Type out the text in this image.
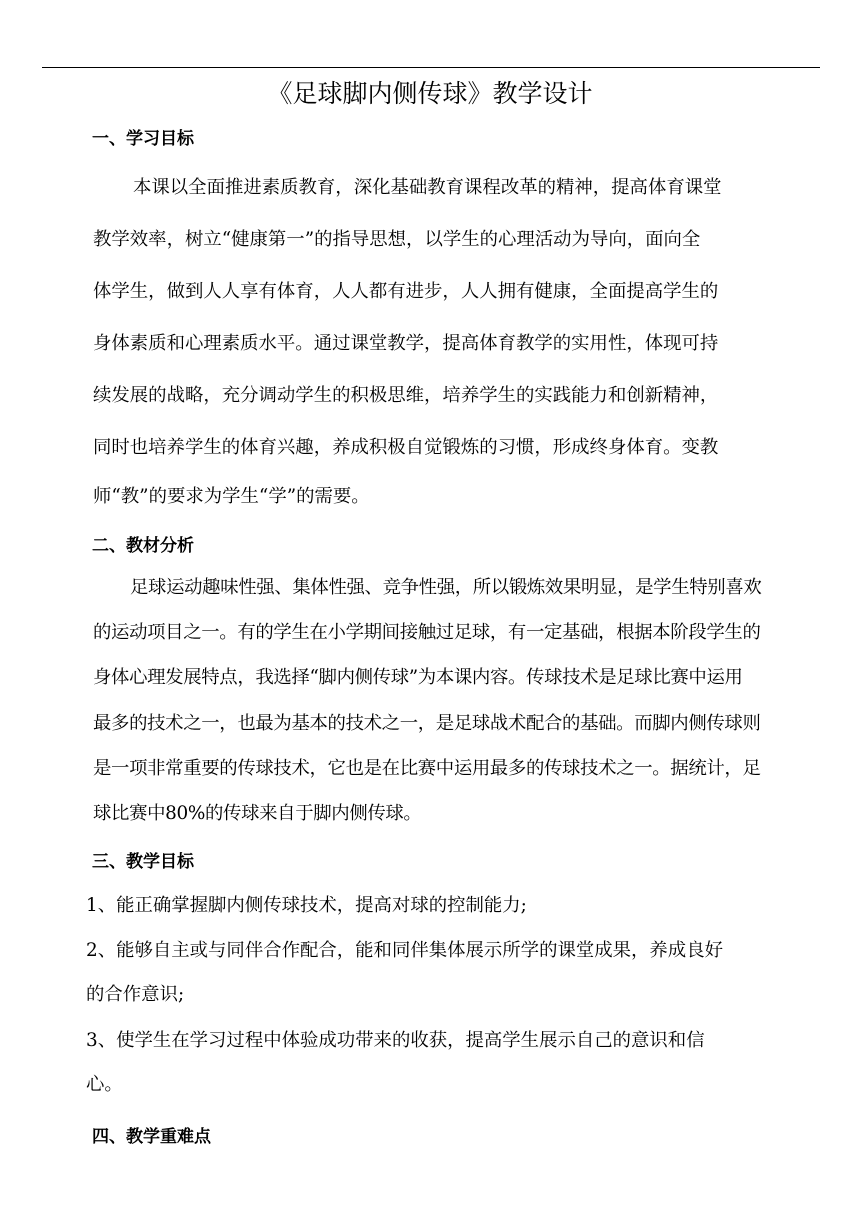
《足球脚内侧传球》教学设计
一、学习目标
本课以全面推进素质教育，深化基础教育课程改革的精神，提高体育课堂
教学效率，树立“健康第一”的指导思想，以学生的心理活动为导向，面向全
体学生，做到人人享有体育，人人都有进步，人人拥有健康，全面提高学生的
身体素质和心理素质水平。通过课堂教学，提高体育教学的实用性，体现可持
续发展的战略，充分调动学生的积极思维，培养学生的实践能力和创新精神，
同时也培养学生的体育兴趣，养成积极自觉锻炼的习惯，形成终身体育。变教
师“教”的要求为学生“学”的需要。
二、教材分析
足球运动趣味性强、集体性强、竞争性强，所以锻炼效果明显，是学生特别喜欢
的运动项目之一。有的学生在小学期间接触过足球，有一定基础，根据本阶段学生的
身体心理发展特点，我选择“脚内侧传球”为本课内容。传球技术是足球比赛中运用
最多的技术之一，也最为基本的技术之一，是足球战术配合的基础。而脚内侧传球则
是一项非常重要的传球技术，它也是在比赛中运用最多的传球技术之一。据统计，足
球比赛中80%的传球来自于脚内侧传球。
三、教学目标
1、能正确掌握脚内侧传球技术，提高对球的控制能力;
2、能够自主或与同伴合作配合，能和同伴集体展示所学的课堂成果，养成良好
的合作意识;
3、使学生在学习过程中体验成功带来的收获，提高学生展示自己的意识和信
心。
四、教学重难点
